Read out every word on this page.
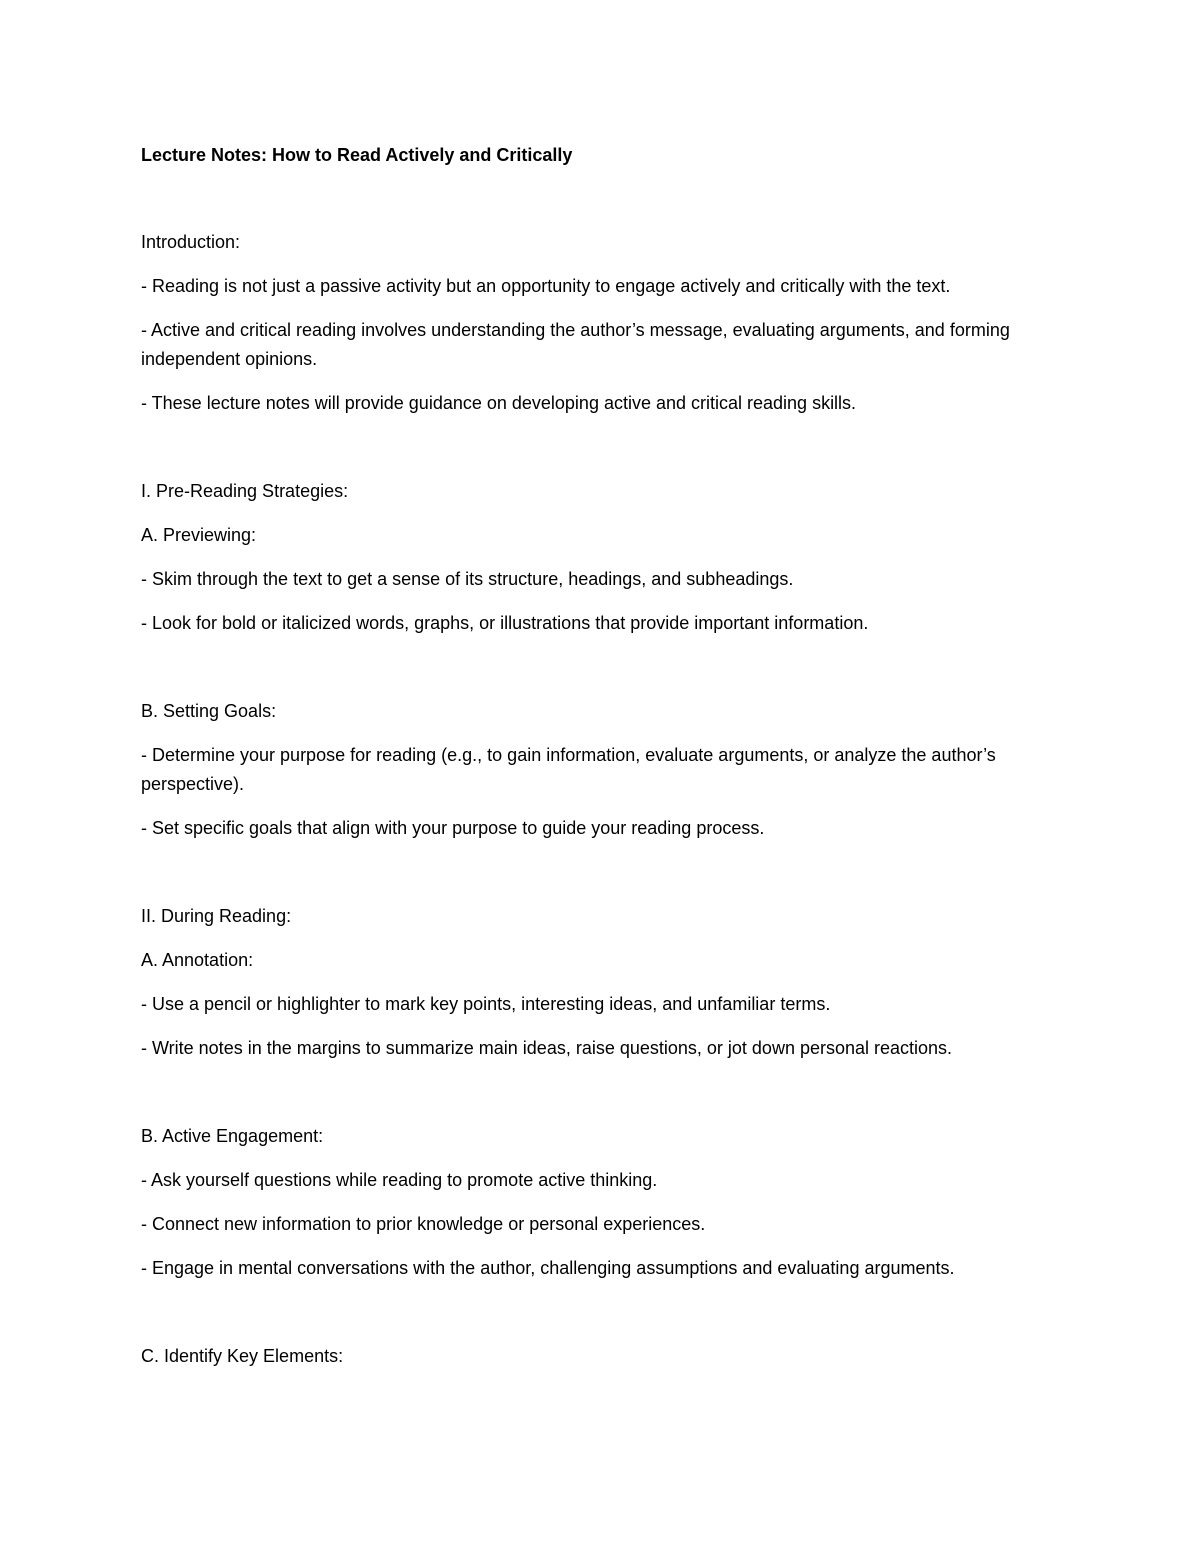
Lecture Notes: How to Read Actively and Critically

Introduction:

- Reading is not just a passive activity but an opportunity to engage actively and critically with the text.

- Active and critical reading involves understanding the author’s message, evaluating arguments, and forming independent opinions.

- These lecture notes will provide guidance on developing active and critical reading skills.

I. Pre-Reading Strategies:

A. Previewing:

- Skim through the text to get a sense of its structure, headings, and subheadings.

- Look for bold or italicized words, graphs, or illustrations that provide important information.

B. Setting Goals:

- Determine your purpose for reading (e.g., to gain information, evaluate arguments, or analyze the author’s perspective).

- Set specific goals that align with your purpose to guide your reading process.

II. During Reading:

A. Annotation:

- Use a pencil or highlighter to mark key points, interesting ideas, and unfamiliar terms.

- Write notes in the margins to summarize main ideas, raise questions, or jot down personal reactions.

B. Active Engagement:

- Ask yourself questions while reading to promote active thinking.

- Connect new information to prior knowledge or personal experiences.

- Engage in mental conversations with the author, challenging assumptions and evaluating arguments.

C. Identify Key Elements:
